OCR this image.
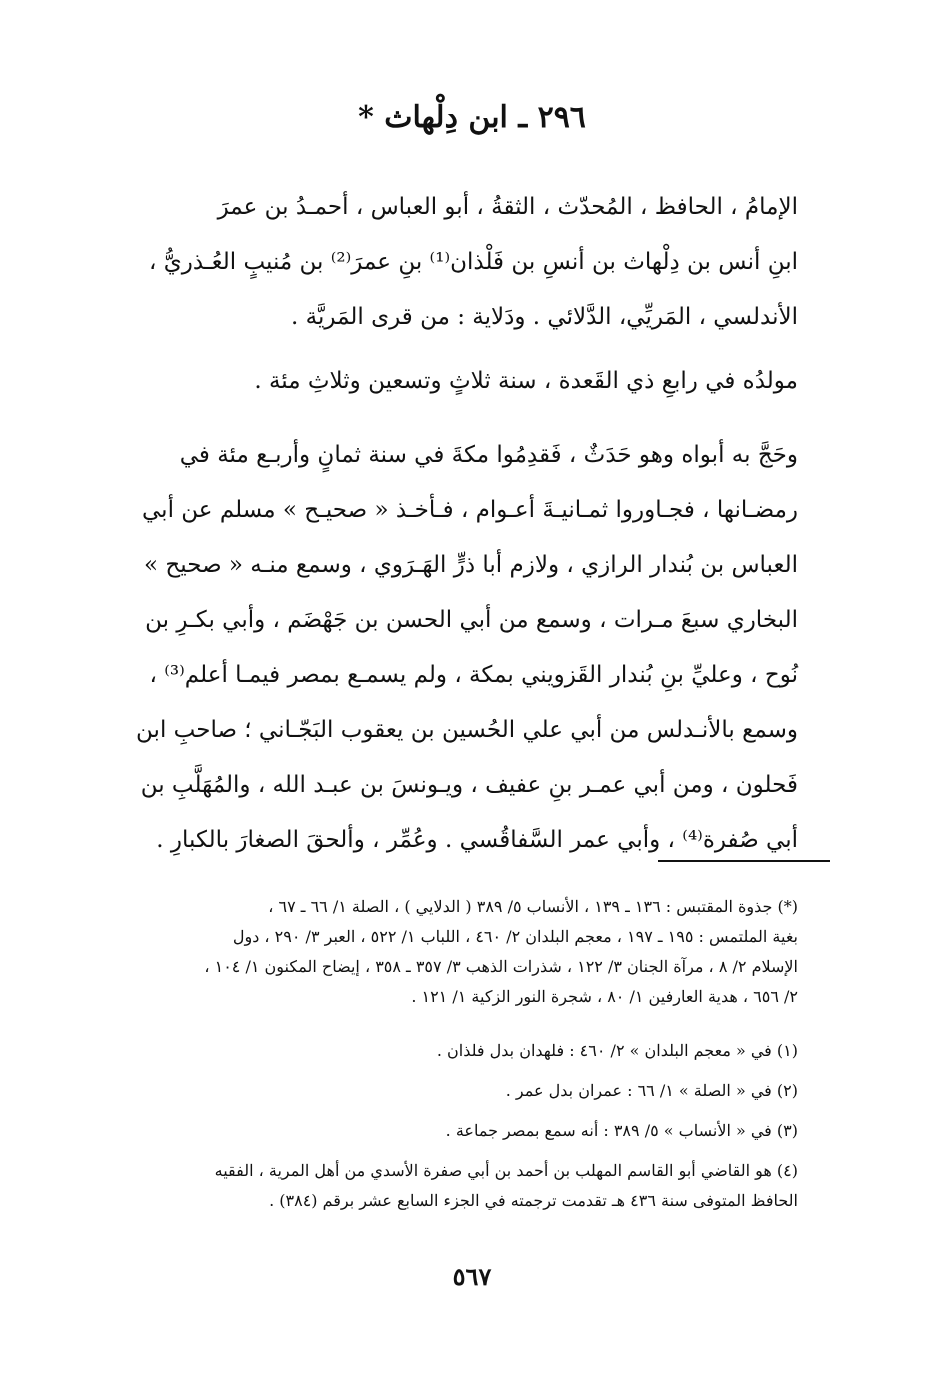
٢٩٦ ـ ابن دِلْهاث *

الإمامُ ، الحافظ ، المُحدّث ، الثقةُ ، أبو العباس ، أحمـدُ بن عمرَ
ابنِ أنس بن دِلْهاث بن أنسِ بن فَلْذان⁽¹⁾ بنِ عمرَ⁽²⁾ بن مُنيبٍ العُـذريُّ ،
الأندلسي ، المَريِّي، الدَّلائي . ودَلاية : من قرى المَريَّة .

مولدُه في رابعِ ذي القَعدة ، سنة ثلاثٍ وتسعين وثلاثِ مئة .

وحَجَّ به أبواه وهو حَدَثٌ ، فَقدِمُوا مكةَ في سنة ثمانٍ وأربـع مئة في
رمضـانها ، فجـاوروا ثمـانيـةَ أعـوام ، فـأخـذ « صحيـح » مسلم عن أبي
العباس بن بُندار الرازي ، ولازم أبا ذرٍّ الهَـرَوي ، وسمع منـه « صحيح »
البخاري سبعَ مـرات ، وسمع من أبي الحسن بن جَهْضَم ، وأبي بكـرِ بن
نُوح ، وعليِّ بنِ بُندار القَزويني بمكة ، ولم يسمـع بمصر فيمـا أعلم⁽³⁾ ،
وسمع بالأنـدلس من أبي علي الحُسين بن يعقوب البَجّـاني ؛ صاحبِ ابن
فَحلون ، ومن أبي عمـر بنِ عفيف ، ويـونسَ بن عبـد الله ، والمُهَلَّبِ بن
أبي صُفرة⁽⁴⁾ ، وأبي عمر السَّفاقُسي . وعُمِّر ، وألحقَ الصغارَ بالكبارِ .

(*) جذوة المقتبس : ١٣٦ ـ ١٣٩ ، الأنساب ٥/ ٣٨٩ ( الدلايي ) ، الصلة ١/ ٦٦ ـ ٦٧ ،
بغية الملتمس : ١٩٥ ـ ١٩٧ ، معجم البلدان ٢/ ٤٦٠ ، اللباب ١/ ٥٢٢ ، العبر ٣/ ٢٩٠ ، دول
الإسلام ٢/ ٨ ، مرآة الجنان ٣/ ١٢٢ ، شذرات الذهب ٣/ ٣٥٧ ـ ٣٥٨ ، إيضاح المكنون ١/ ١٠٤ ،
٢/ ٦٥٦ ، هدية العارفين ١/ ٨٠ ، شجرة النور الزكية ١/ ١٢١ .

(١) في « معجم البلدان » ٢/ ٤٦٠ : فلهدان بدل فلذان .
(٢) في « الصلة » ١/ ٦٦ : عمران بدل عمر .
(٣) في « الأنساب » ٥/ ٣٨٩ : أنه سمع بمصر جماعة .
(٤) هو القاضي أبو القاسم المهلب بن أحمد بن أبي صفرة الأسدي من أهل المرية ، الفقيه
الحافظ المتوفى سنة ٤٣٦ هـ تقدمت ترجمته في الجزء السابع عشر برقم (٣٨٤) .

٥٦٧
